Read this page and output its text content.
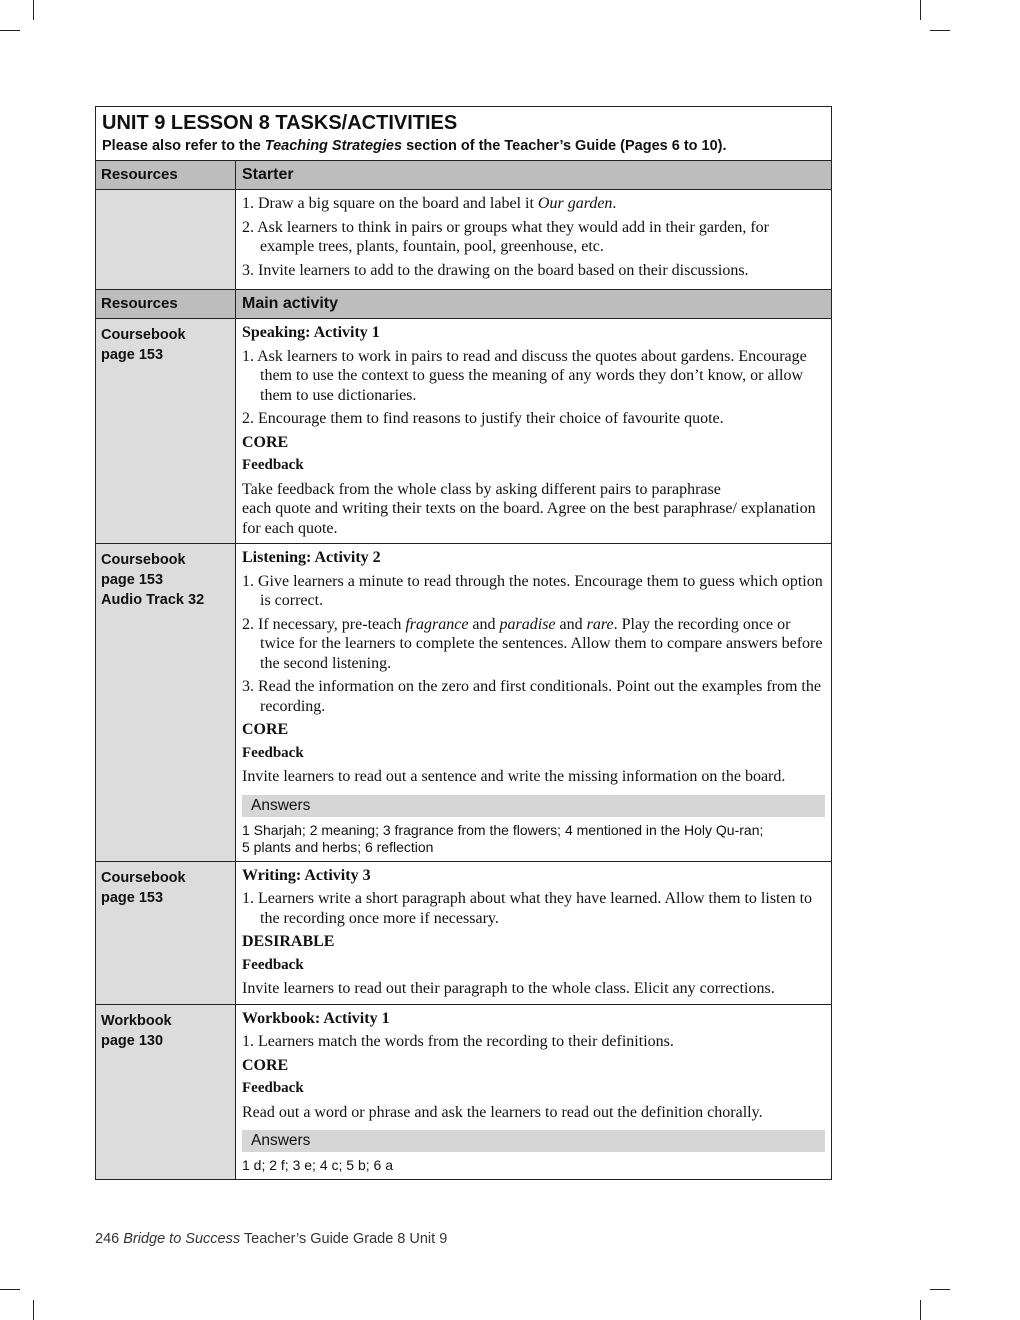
UNIT 9 LESSON 8 TASKS/ACTIVITIES
Please also refer to the Teaching Strategies section of the Teacher’s Guide (Pages 6 to 10).
Resources	Starter

1. Draw a big square on the board and label it Our garden.

2. Ask learners to think in pairs or groups what they would add in their garden, for example trees, plants, fountain, pool, greenhouse, etc.

3. Invite learners to add to the drawing on the board based on their discussions.

Resources	Main activity
Coursebook
page 153

Speaking: Activity 1

1. Ask learners to work in pairs to read and discuss the quotes about gardens. Encourage them to use the context to guess the meaning of any words they don’t know, or allow them to use dictionaries.

2. Encourage them to find reasons to justify their choice of favourite quote.

CORE

Feedback

Take feedback from the whole class by asking different pairs to paraphrase

each quote and writing their texts on the board. Agree on the best paraphrase/ explanation for each quote.

Coursebook
page 153
Audio Track 32

Listening: Activity 2

1. Give learners a minute to read through the notes. Encourage them to guess which option is correct.

2. If necessary, pre-teach fragrance and paradise and rare. Play the recording once or twice for the learners to complete the sentences. Allow them to compare answers before the second listening.

3. Read the information on the zero and first conditionals. Point out the examples from the recording.

CORE

Feedback

Invite learners to read out a sentence and write the missing information on the board.

Answers
1 Sharjah; 2 meaning; 3 fragrance from the flowers; 4 mentioned in the Holy Qu-ran;
5 plants and herbs; 6 reflection
Coursebook
page 153

Writing: Activity 3

1. Learners write a short paragraph about what they have learned. Allow them to listen to the recording once more if necessary.

DESIRABLE

Feedback

Invite learners to read out their paragraph to the whole class. Elicit any corrections.

Workbook
page 130

Workbook: Activity 1

1. Learners match the words from the recording to their definitions.

CORE

Feedback

Read out a word or phrase and ask the learners to read out the definition chorally.

Answers
1 d; 2 f; 3 e; 4 c; 5 b; 6 a
246 Bridge to Success Teacher’s Guide Grade 8 Unit 9
